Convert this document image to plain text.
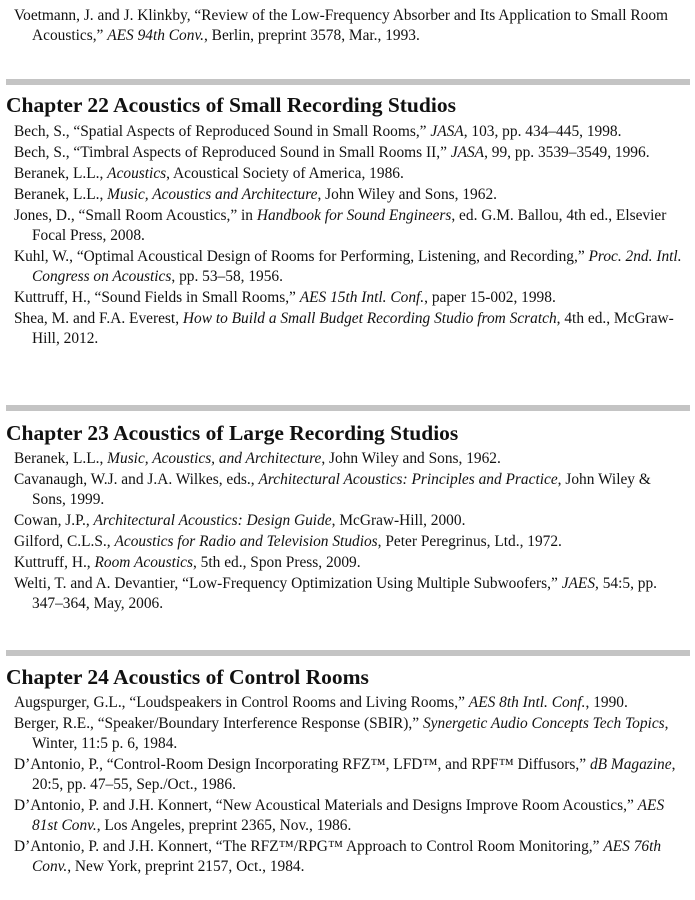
Voetmann, J. and J. Klinkby, “Review of the Low-Frequency Absorber and Its Application to Small Room Acoustics,” AES 94th Conv., Berlin, preprint 3578, Mar., 1993.

Chapter 22 Acoustics of Small Recording Studios

Bech, S., “Spatial Aspects of Reproduced Sound in Small Rooms,” JASA, 103, pp. 434–445, 1998.

Bech, S., “Timbral Aspects of Reproduced Sound in Small Rooms II,” JASA, 99, pp. 3539–3549, 1996.

Beranek, L.L., Acoustics, Acoustical Society of America, 1986.

Beranek, L.L., Music, Acoustics and Architecture, John Wiley and Sons, 1962.

Jones, D., “Small Room Acoustics,” in Handbook for Sound Engineers, ed. G.M. Ballou, 4th ed., Elsevier Focal Press, 2008.

Kuhl, W., “Optimal Acoustical Design of Rooms for Performing, Listening, and Recording,” Proc. 2nd. Intl. Congress on Acoustics, pp. 53–58, 1956.

Kuttruff, H., “Sound Fields in Small Rooms,” AES 15th Intl. Conf., paper 15-002, 1998.

Shea, M. and F.A. Everest, How to Build a Small Budget Recording Studio from Scratch, 4th ed., McGraw-Hill, 2012.

Chapter 23 Acoustics of Large Recording Studios

Beranek, L.L., Music, Acoustics, and Architecture, John Wiley and Sons, 1962.

Cavanaugh, W.J. and J.A. Wilkes, eds., Architectural Acoustics: Principles and Practice, John Wiley & Sons, 1999.

Cowan, J.P., Architectural Acoustics: Design Guide, McGraw-Hill, 2000.

Gilford, C.L.S., Acoustics for Radio and Television Studios, Peter Peregrinus, Ltd., 1972.

Kuttruff, H., Room Acoustics, 5th ed., Spon Press, 2009.

Welti, T. and A. Devantier, “Low-Frequency Optimization Using Multiple Subwoofers,” JAES, 54:5, pp. 347–364, May, 2006.

Chapter 24 Acoustics of Control Rooms

Augspurger, G.L., “Loudspeakers in Control Rooms and Living Rooms,” AES 8th Intl. Conf., 1990.

Berger, R.E., “Speaker/Boundary Interference Response (SBIR),” Synergetic Audio Concepts Tech Topics, Winter, 11:5 p. 6, 1984.

D’Antonio, P., “Control-Room Design Incorporating RFZ™, LFD™, and RPF™ Diffusors,” dB Magazine, 20:5, pp. 47–55, Sep./Oct., 1986.

D’Antonio, P. and J.H. Konnert, “New Acoustical Materials and Designs Improve Room Acoustics,” AES 81st Conv., Los Angeles, preprint 2365, Nov., 1986.

D’Antonio, P. and J.H. Konnert, “The RFZ™/RPG™ Approach to Control Room Monitoring,” AES 76th Conv., New York, preprint 2157, Oct., 1984.
